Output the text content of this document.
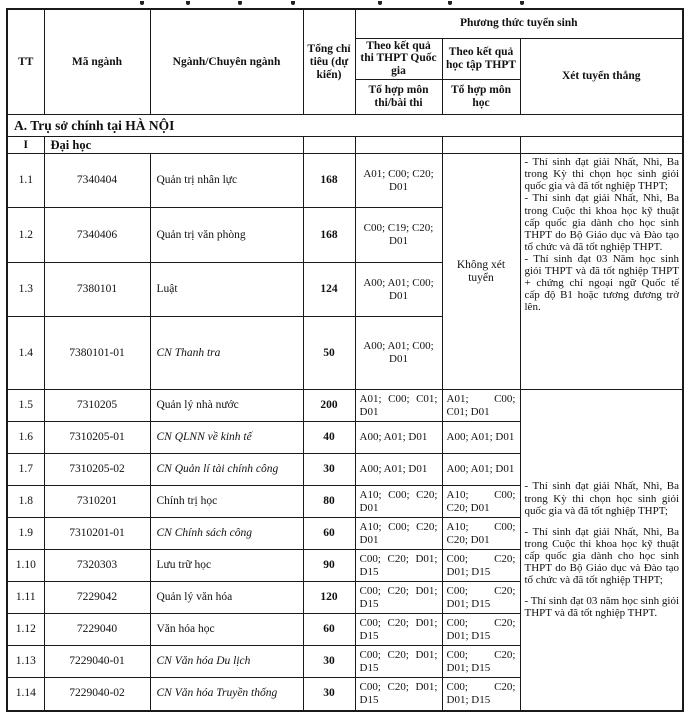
TT	Mã ngành	Ngành/Chuyên ngành	Tổng chỉ tiêu (dự kiến)	Phương thức tuyển sinh		
				Theo kết quả thi THPT Quốc gia	Theo kết quả học tập THPT	Xét tuyển thẳng
				Tổ hợp môn thi/bài thi	Tổ hợp môn học	
A. Trụ sở chính tại HÀ NỘI						
I	Đại học					
1.1	7340404	Quản trị nhân lực	168	A01; C00; C20; D01	Không xét tuyển	- Thí sinh đạt giải Nhất, Nhì, Ba trong Kỳ thi chọn học sinh giỏi quốc gia và đã tốt nghiệp THPT;

- Thí sinh đạt giải Nhất, Nhì, Ba trong Cuộc thi khoa học kỹ thuật cấp quốc gia dành cho học sinh THPT do Bộ Giáo dục và Đào tạo tổ chức và đã tốt nghiệp THPT.

- Thí sinh đạt 03 Năm học sinh giỏi THPT và đã tốt nghiệp THPT + chứng chỉ ngoại ngữ Quốc tế cấp độ B1 hoặc tương đương trở lên.

1.2	7340406	Quản trị văn phòng	168	C00; C19; C20; D01		
1.3	7380101	Luật	124	A00; A01; C00; D01		
1.4	7380101-01	CN Thanh tra	50	A00; A01; C00; D01		
1.5	7310205	Quản lý nhà nước	200	A01; C00; C01; D01	A01; C00; C01; D01	- Thí sinh đạt giải Nhất, Nhì, Ba trong Kỳ thi chọn học sinh giỏi quốc gia và đã tốt nghiệp THPT;

- Thí sinh đạt giải Nhất, Nhì, Ba trong Cuộc thi khoa học kỹ thuật cấp quốc gia dành cho học sinh THPT do Bộ Giáo dục và Đào tạo tổ chức và đã tốt nghiệp THPT;

- Thí sinh đạt 03 năm học sinh giỏi THPT và đã tốt nghiệp THPT.

1.6	7310205-01	CN QLNN về kinh tế	40	A00; A01; D01	A00; A01; D01	
1.7	7310205-02	CN Quản lí tài chính công	30	A00; A01; D01	A00; A01; D01	
1.8	7310201	Chính trị học	80	A10; C00; C20; D01	A10; C00; C20; D01	
1.9	7310201-01	CN Chính sách công	60	A10; C00; C20; D01	A10; C00; C20; D01	
1.10	7320303	Lưu trữ học	90	C00; C20; D01; D15	C00; C20; D01; D15	
1.11	7229042	Quản lý văn hóa	120	C00; C20; D01; D15	C00; C20; D01; D15	
1.12	7229040	Văn hóa học	60	C00; C20; D01; D15	C00; C20; D01; D15	
1.13	7229040-01	CN Văn hóa Du lịch	30	C00; C20; D01; D15	C00; C20; D01; D15	
1.14	7229040-02	CN Văn hóa Truyền thống	30	C00; C20; D01; D15	C00; C20; D01; D15	
